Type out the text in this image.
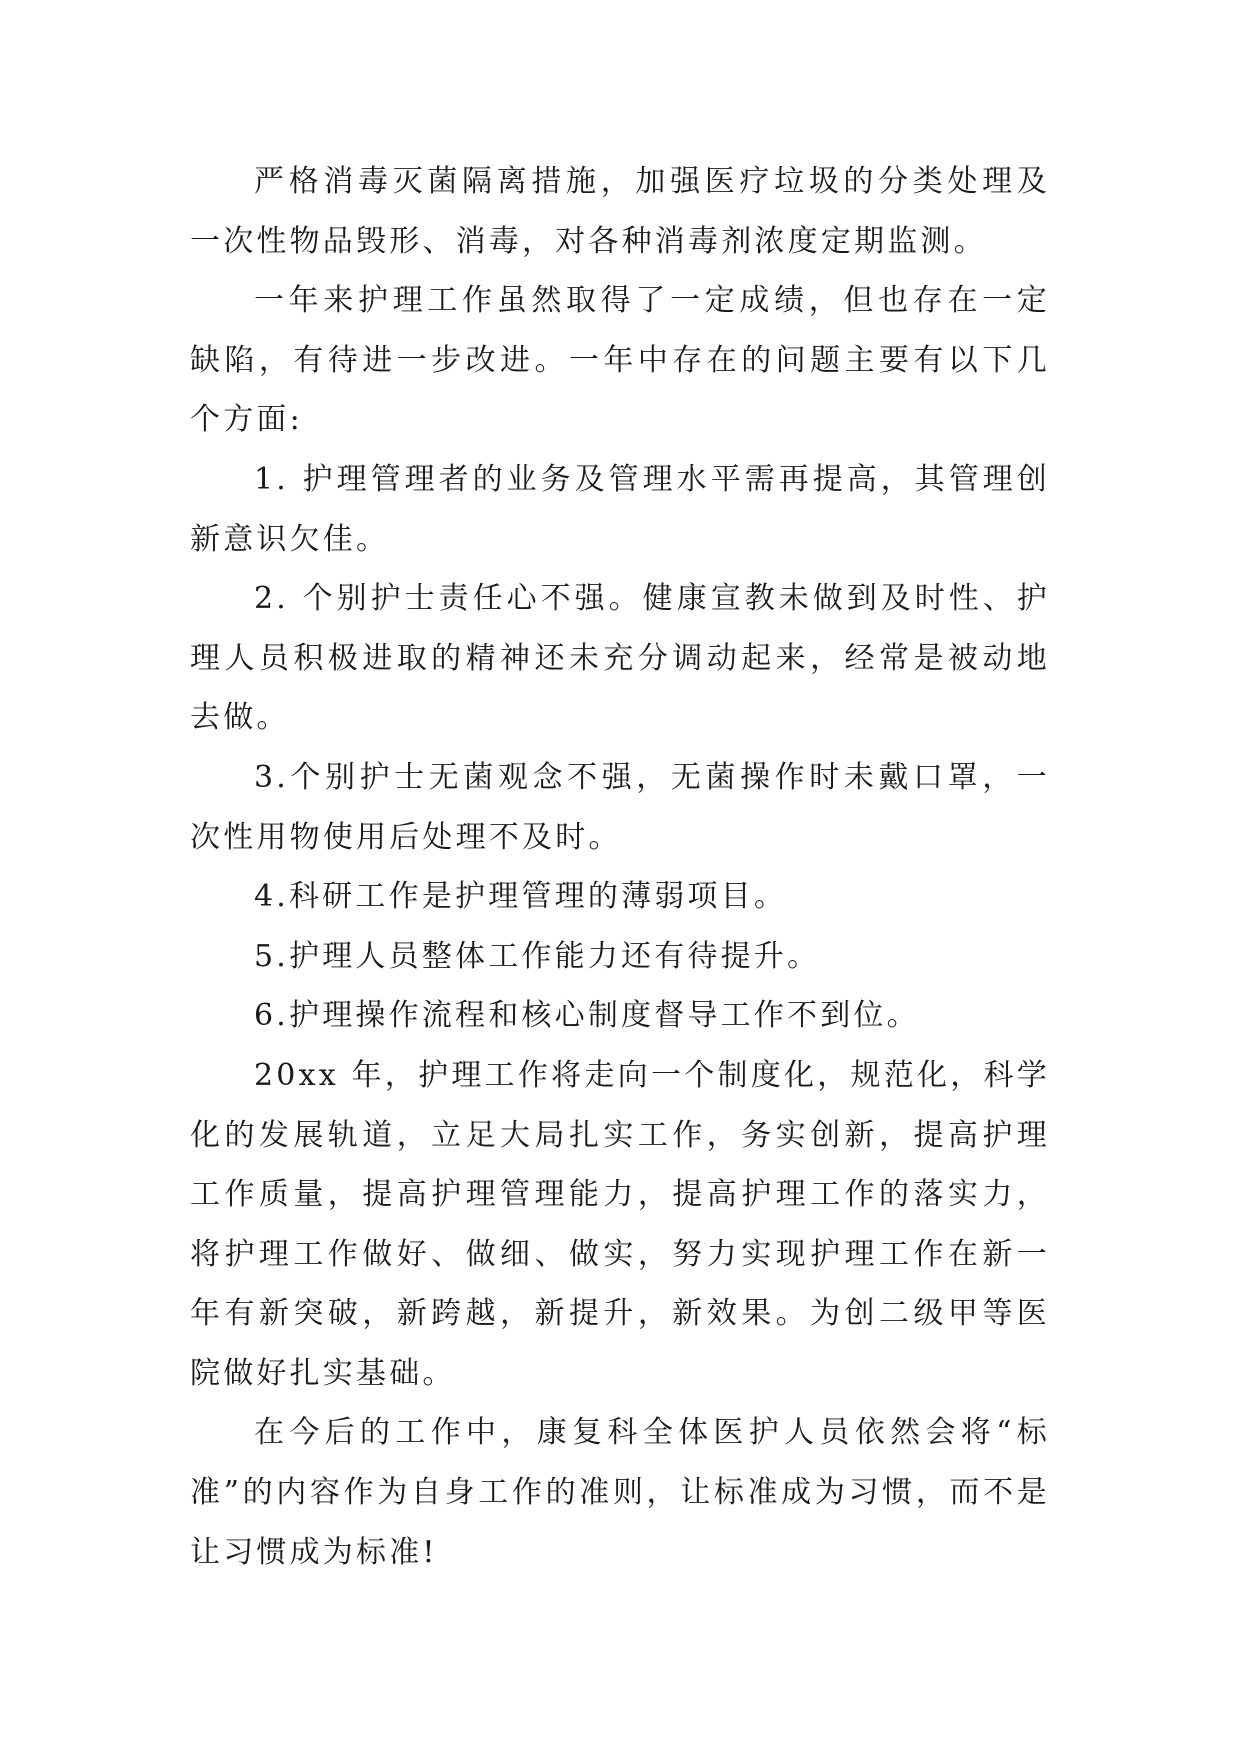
严格消毒灭菌隔离措施，加强医疗垃圾的分类处理及一次性物品毁形、消毒，对各种消毒剂浓度定期监测。

一年来护理工作虽然取得了一定成绩，但也存在一定缺陷，有待进一步改进。一年中存在的问题主要有以下几个方面:

1. 护理管理者的业务及管理水平需再提高，其管理创新意识欠佳。

2. 个别护士责任心不强。健康宣教未做到及时性、护理人员积极进取的精神还未充分调动起来，经常是被动地去做。

3.个别护士无菌观念不强，无菌操作时未戴口罩，一次性用物使用后处理不及时。

4.科研工作是护理管理的薄弱项目。

5.护理人员整体工作能力还有待提升。

6.护理操作流程和核心制度督导工作不到位。

20xx 年，护理工作将走向一个制度化，规范化，科学化的发展轨道，立足大局扎实工作，务实创新，提高护理工作质量，提高护理管理能力，提高护理工作的落实力，将护理工作做好、做细、做实，努力实现护理工作在新一年有新突破，新跨越，新提升，新效果。为创二级甲等医院做好扎实基础。

在今后的工作中，康复科全体医护人员依然会将“标准”的内容作为自身工作的准则，让标准成为习惯，而不是让习惯成为标准!
